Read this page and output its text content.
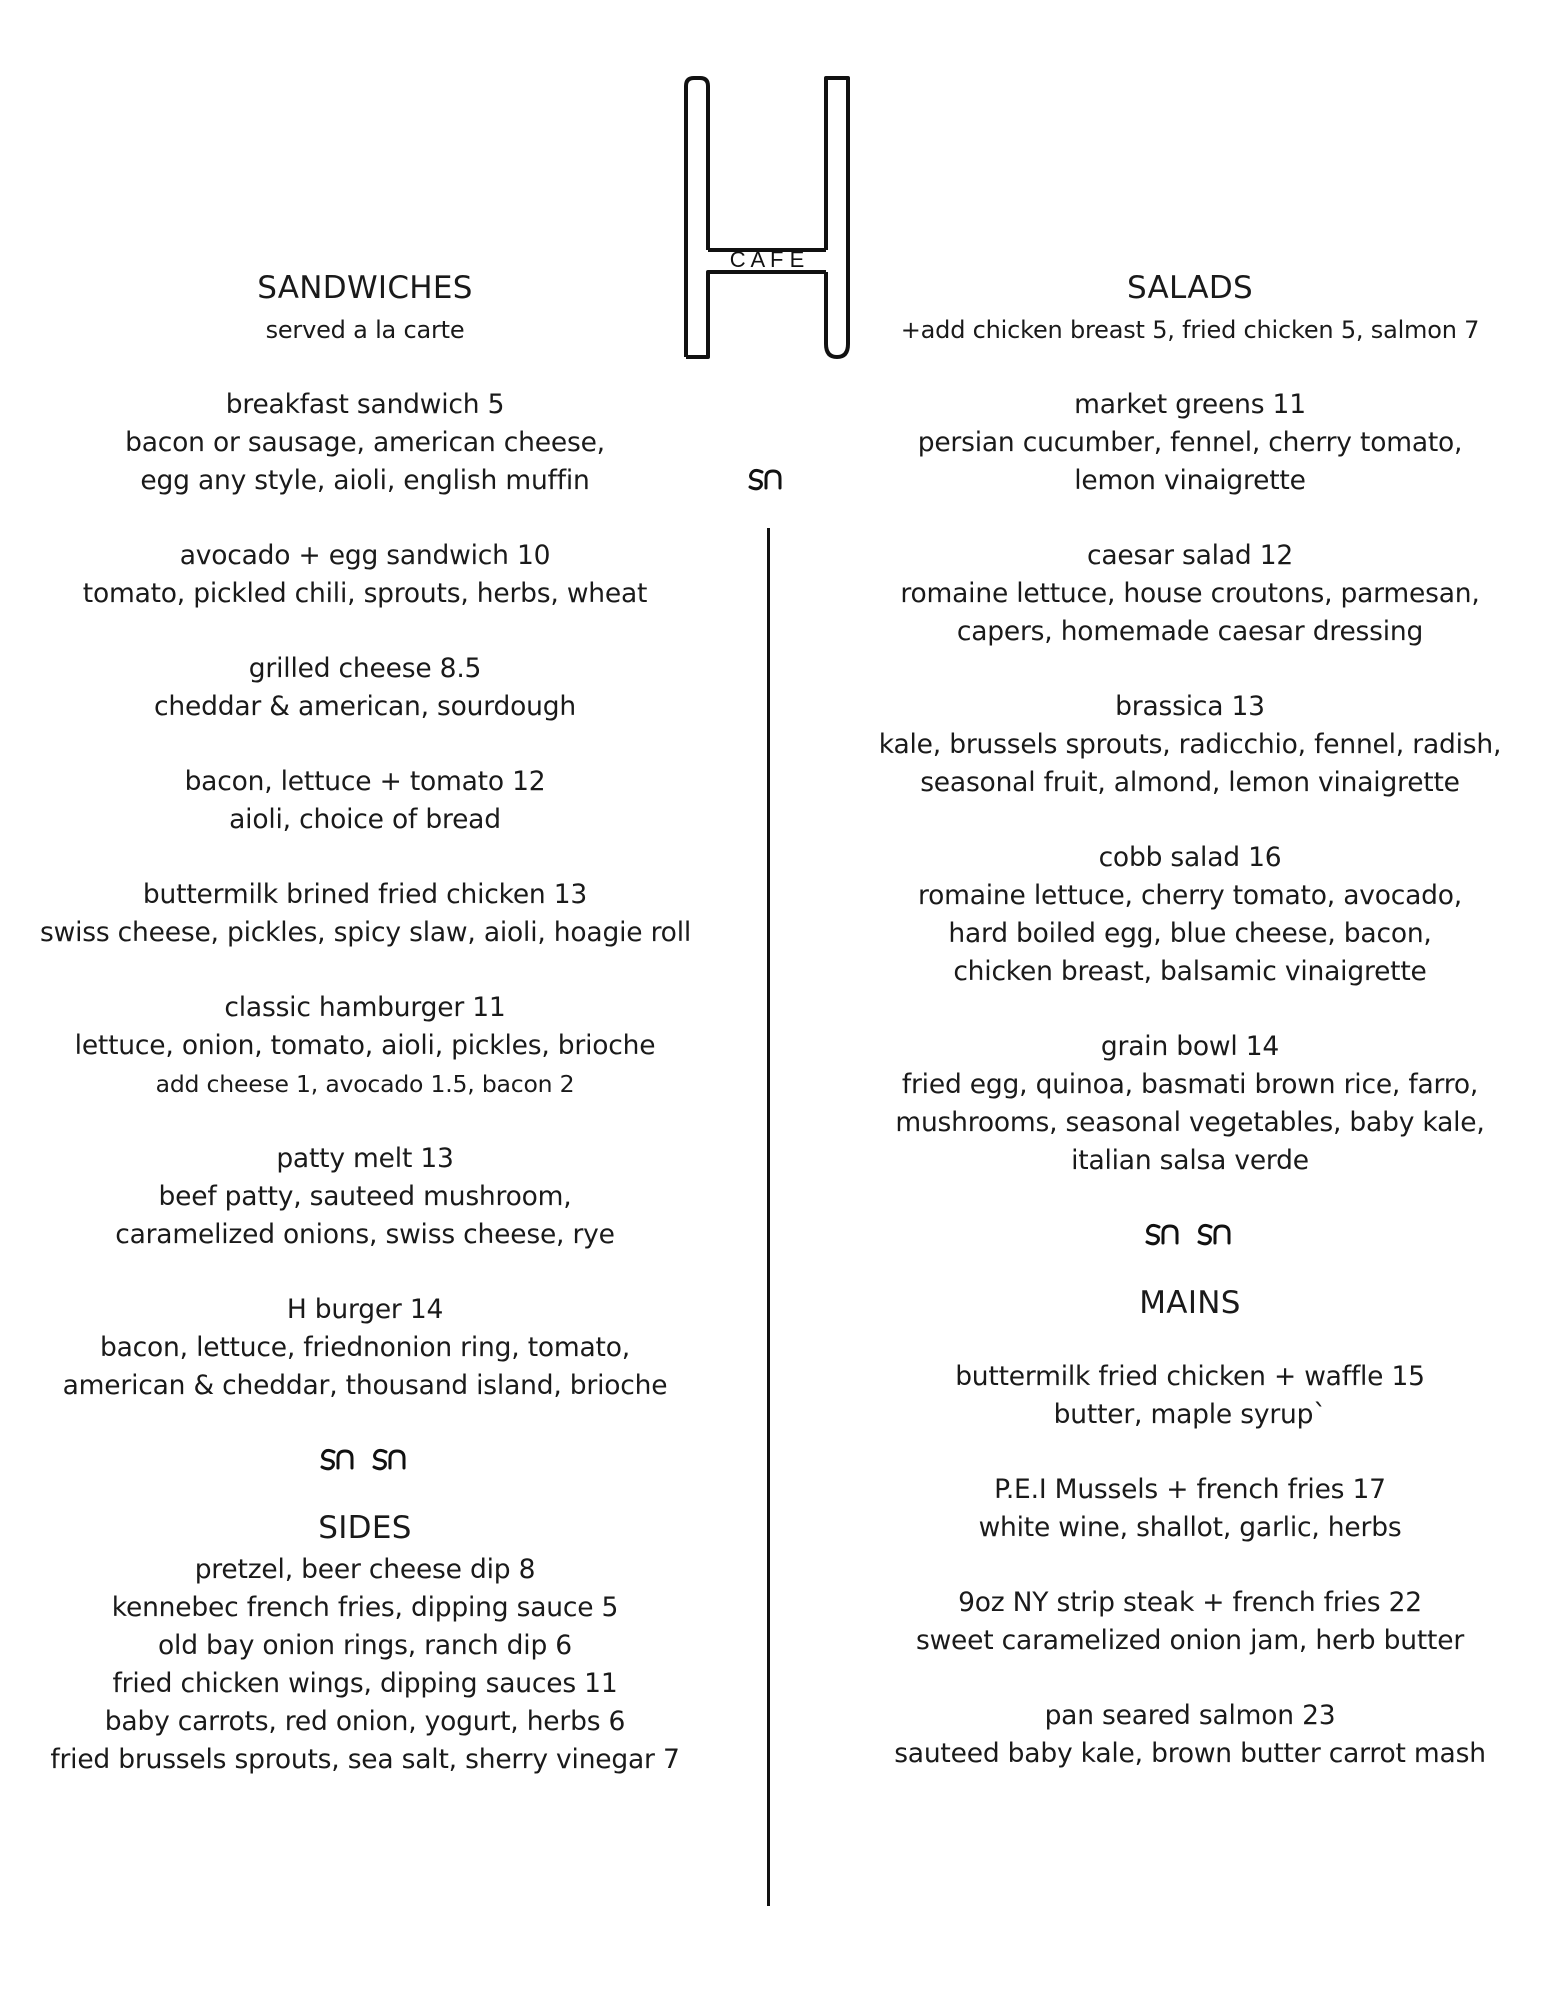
C A F E
SANDWICHES
served a la carte
breakfast sandwich 5
bacon or sausage, american cheese,
egg any style, aioli, english muffin
avocado + egg sandwich 10
tomato, pickled chili, sprouts, herbs, wheat
grilled cheese 8.5
cheddar & american, sourdough
bacon, lettuce + tomato 12
aioli, choice of bread
buttermilk brined fried chicken 13
swiss cheese, pickles, spicy slaw, aioli, hoagie roll
classic hamburger 11
lettuce, onion, tomato, aioli, pickles, brioche
add cheese 1, avocado 1.5, bacon 2
patty melt 13
beef patty, sauteed mushroom,
caramelized onions, swiss cheese, rye
H burger 14
bacon, lettuce, friednonion ring, tomato,
american & cheddar, thousand island, brioche
SIDES
pretzel, beer cheese dip 8
kennebec french fries, dipping sauce 5
old bay onion rings, ranch dip 6
fried chicken wings, dipping sauces 11
baby carrots, red onion, yogurt, herbs 6
fried brussels sprouts, sea salt, sherry vinegar 7
SALADS
+add chicken breast 5, fried chicken 5, salmon 7
market greens 11
persian cucumber, fennel, cherry tomato,
lemon vinaigrette
caesar salad 12
romaine lettuce, house croutons, parmesan,
capers, homemade caesar dressing
brassica 13
kale, brussels sprouts, radicchio, fennel, radish,
seasonal fruit, almond, lemon vinaigrette
cobb salad 16
romaine lettuce, cherry tomato, avocado,
hard boiled egg, blue cheese, bacon,
chicken breast, balsamic vinaigrette
grain bowl 14
fried egg, quinoa, basmati brown rice, farro,
mushrooms, seasonal vegetables, baby kale,
italian salsa verde
MAINS
buttermilk fried chicken + waffle 15
butter, maple syrup`
P.E.I Mussels + french fries 17
white wine, shallot, garlic, herbs
9oz NY strip steak + french fries 22
sweet caramelized onion jam, herb butter
pan seared salmon 23
sauteed baby kale, brown butter carrot mash
